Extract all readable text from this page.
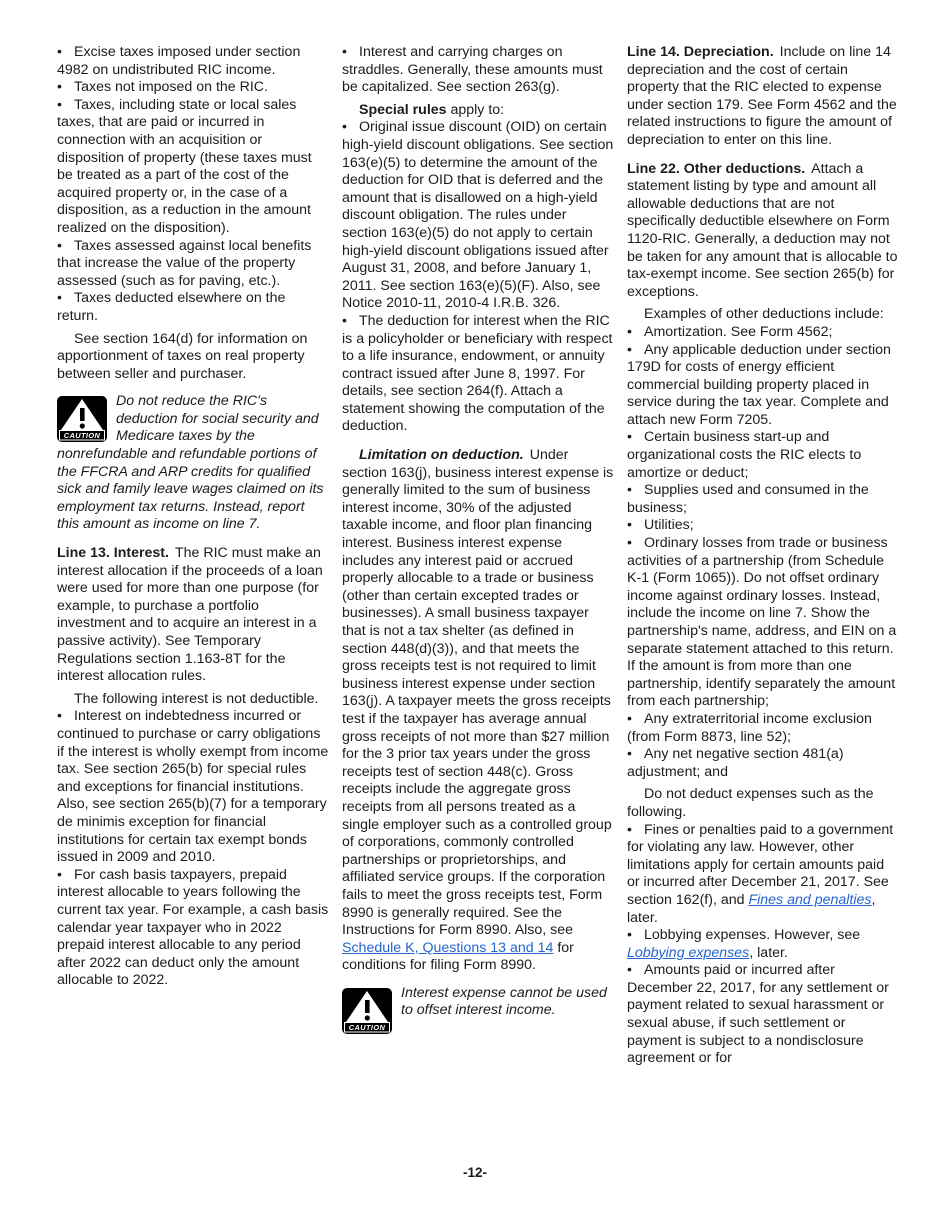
• Excise taxes imposed under section 4982 on undistributed RIC income.

• Taxes not imposed on the RIC.

• Taxes, including state or local sales taxes, that are paid or incurred in connection with an acquisition or disposition of property (these taxes must be treated as a part of the cost of the acquired property or, in the case of a disposition, as a reduction in the amount realized on the disposition).

• Taxes assessed against local benefits that increase the value of the property assessed (such as for paving, etc.).

• Taxes deducted elsewhere on the return.

See section 164(d) for information on apportionment of taxes on real property between seller and purchaser.

CAUTION
Do not reduce the RIC's deduction for social security and Medicare taxes by the nonrefundable and refundable portions of the FFCRA and ARP credits for qualified sick and family leave wages claimed on its employment tax returns. Instead, report this amount as income on line 7.

Line 13. Interest. The RIC must make an interest allocation if the proceeds of a loan were used for more than one purpose (for example, to purchase a portfolio investment and to acquire an interest in a passive activity). See Temporary Regulations section 1.163-8T for the interest allocation rules.

The following interest is not deductible.

• Interest on indebtedness incurred or continued to purchase or carry obligations if the interest is wholly exempt from income tax. See section 265(b) for special rules and exceptions for financial institutions. Also, see section 265(b)(7) for a temporary de minimis exception for financial institutions for certain tax exempt bonds issued in 2009 and 2010.

• For cash basis taxpayers, prepaid interest allocable to years following the current tax year. For example, a cash basis calendar year taxpayer who in 2022 prepaid interest allocable to any period after 2022 can deduct only the amount allocable to 2022.

• Interest and carrying charges on straddles. Generally, these amounts must be capitalized. See section 263(g).

Special rules apply to:

• Original issue discount (OID) on certain high-yield discount obligations. See section 163(e)(5) to determine the amount of the deduction for OID that is deferred and the amount that is disallowed on a high-yield discount obligation. The rules under section 163(e)(5) do not apply to certain high-yield discount obligations issued after August 31, 2008, and before January 1, 2011. See section 163(e)(5)(F). Also, see Notice 2010-11, 2010-4 I.R.B. 326.

• The deduction for interest when the RIC is a policyholder or beneficiary with respect to a life insurance, endowment, or annuity contract issued after June 8, 1997. For details, see section 264(f). Attach a statement showing the computation of the deduction.

Limitation on deduction. Under section 163(j), business interest expense is generally limited to the sum of business interest income, 30% of the adjusted taxable income, and floor plan financing interest. Business interest expense includes any interest paid or accrued properly allocable to a trade or business (other than certain excepted trades or businesses). A small business taxpayer that is not a tax shelter (as defined in section 448(d)(3)), and that meets the gross receipts test is not required to limit business interest expense under section 163(j). A taxpayer meets the gross receipts test if the taxpayer has average annual gross receipts of not more than $27 million for the 3 prior tax years under the gross receipts test of section 448(c). Gross receipts include the aggregate gross receipts from all persons treated as a single employer such as a controlled group of corporations, commonly controlled partnerships or proprietorships, and affiliated service groups. If the corporation fails to meet the gross receipts test, Form 8990 is generally required. See the Instructions for Form 8990. Also, see Schedule K, Questions 13 and 14 for conditions for filing Form 8990.

CAUTION
Interest expense cannot be used to offset interest income.

Line 14. Depreciation. Include on line 14 depreciation and the cost of certain property that the RIC elected to expense under section 179. See Form 4562 and the related instructions to figure the amount of depreciation to enter on this line.

Line 22. Other deductions. Attach a statement listing by type and amount all allowable deductions that are not specifically deductible elsewhere on Form 1120-RIC. Generally, a deduction may not be taken for any amount that is allocable to tax-exempt income. See section 265(b) for exceptions.

Examples of other deductions include:

• Amortization. See Form 4562;

• Any applicable deduction under section 179D for costs of energy efficient commercial building property placed in service during the tax year. Complete and attach new Form 7205.

• Certain business start-up and organizational costs the RIC elects to amortize or deduct;

• Supplies used and consumed in the business;

• Utilities;

• Ordinary losses from trade or business activities of a partnership (from Schedule K-1 (Form 1065)). Do not offset ordinary income against ordinary losses. Instead, include the income on line 7. Show the partnership's name, address, and EIN on a separate statement attached to this return. If the amount is from more than one partnership, identify separately the amount from each partnership;

• Any extraterritorial income exclusion (from Form 8873, line 52);

• Any net negative section 481(a) adjustment; and

Do not deduct expenses such as the following.

• Fines or penalties paid to a government for violating any law. However, other limitations apply for certain amounts paid or incurred after December 21, 2017. See section 162(f), and Fines and penalties, later.

• Lobbying expenses. However, see Lobbying expenses, later.

• Amounts paid or incurred after December 22, 2017, for any settlement or payment related to sexual harassment or sexual abuse, if such settlement or payment is subject to a nondisclosure agreement or for

-12-
